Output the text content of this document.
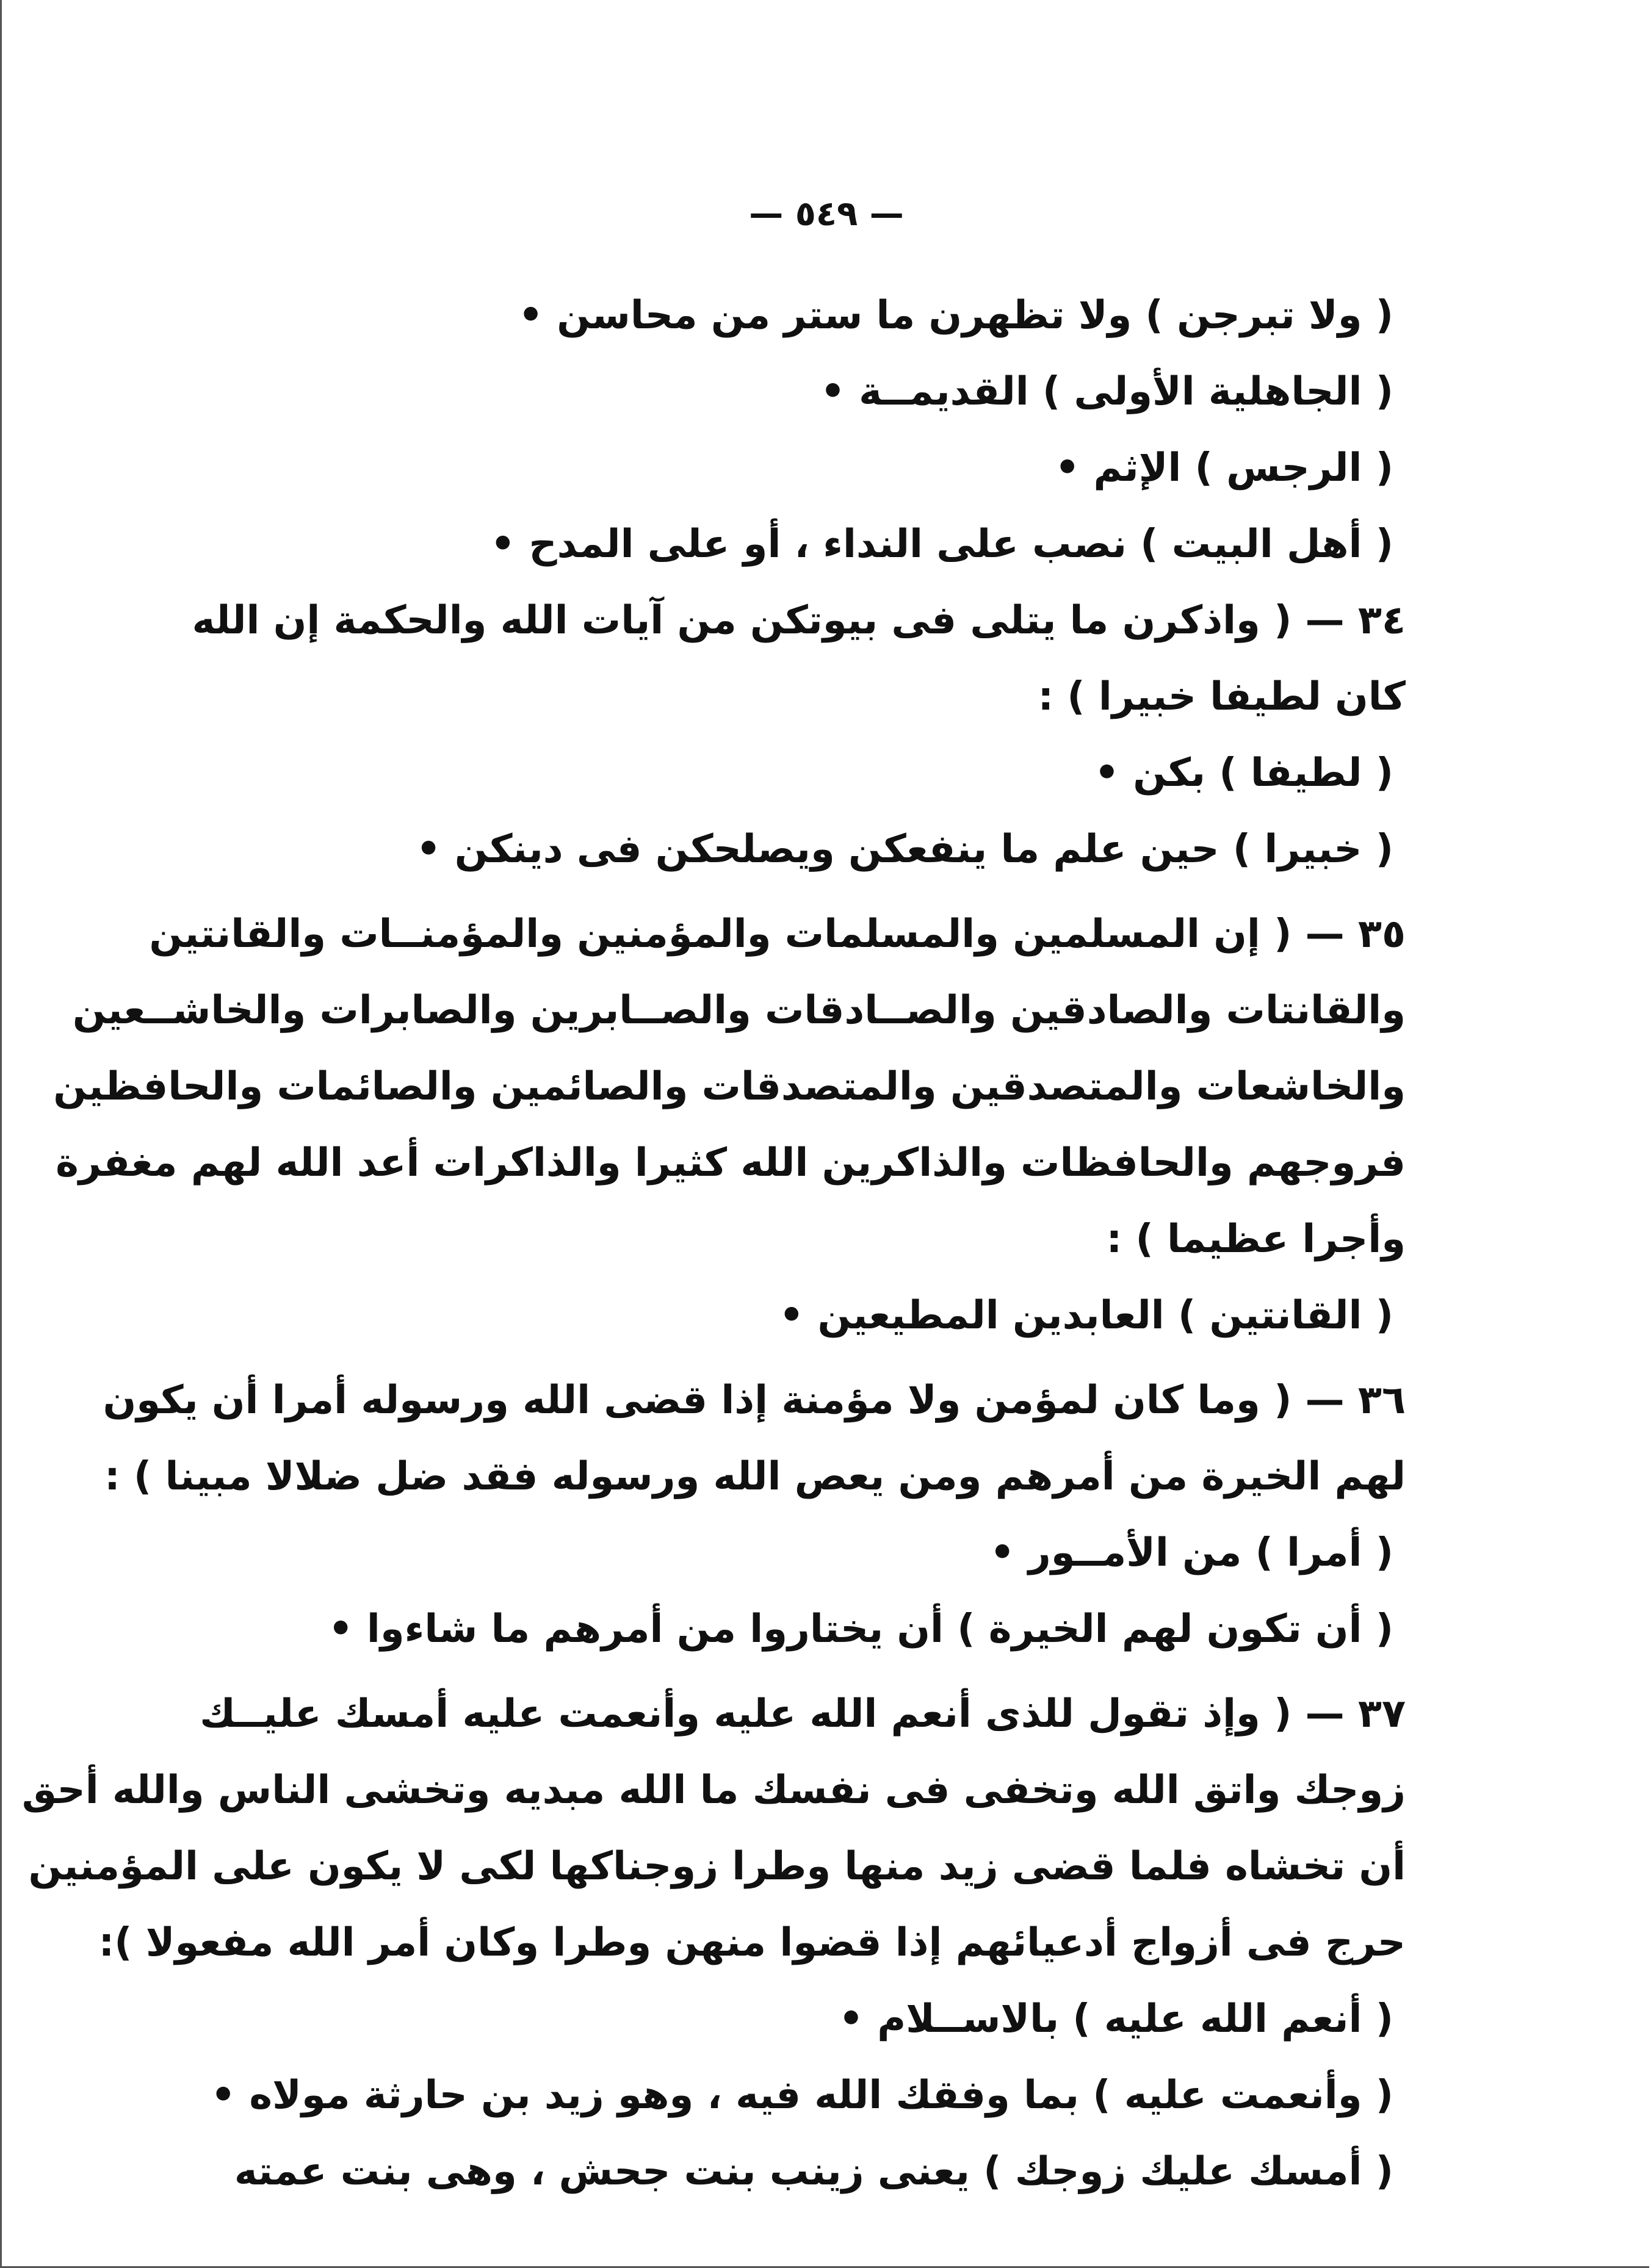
— ٥٤٩ —
( ولا تبرجن ) ولا تظهرن ما ستر من محاسن •
( الجاهلية الأولى ) القديمــة •
( الرجس ) الإثم •
( أهل البيت ) نصب على النداء ، أو على المدح •
٣٤ — ( واذكرن ما يتلى فى بيوتكن من آيات الله والحكمة إن الله
كان لطيفا خبيرا ) :
( لطيفا ) بكن •
( خبيرا ) حين علم ما ينفعكن ويصلحكن فى دينكن •
٣٥ — ( إن المسلمين والمسلمات والمؤمنين والمؤمنــات والقانتين
والقانتات والصادقين والصــادقات والصــابرين والصابرات والخاشــعين
والخاشعات والمتصدقين والمتصدقات والصائمين والصائمات والحافظين
فروجهم والحافظات والذاكرين الله كثيرا والذاكرات أعد الله لهم مغفرة
وأجرا عظيما ) :
( القانتين ) العابدين المطيعين •
٣٦ — ( وما كان لمؤمن ولا مؤمنة إذا قضى الله ورسوله أمرا أن يكون
لهم الخيرة من أمرهم ومن يعص الله ورسوله فقد ضل ضلالا مبينا ) :
( أمرا ) من الأمــور •
( أن تكون لهم الخيرة ) أن يختاروا من أمرهم ما شاءوا •
٣٧ — ( وإذ تقول للذى أنعم الله عليه وأنعمت عليه أمسك عليــك
زوجك واتق الله وتخفى فى نفسك ما الله مبديه وتخشى الناس والله أحق
أن تخشاه فلما قضى زيد منها وطرا زوجناكها لكى لا يكون على المؤمنين
حرج فى أزواج أدعيائهم إذا قضوا منهن وطرا وكان أمر الله مفعولا ):
( أنعم الله عليه ) بالاســلام •
( وأنعمت عليه ) بما وفقك الله فيه ، وهو زيد بن حارثة مولاه •
( أمسك عليك زوجك ) يعنى زينب بنت جحش ، وهى بنت عمته
